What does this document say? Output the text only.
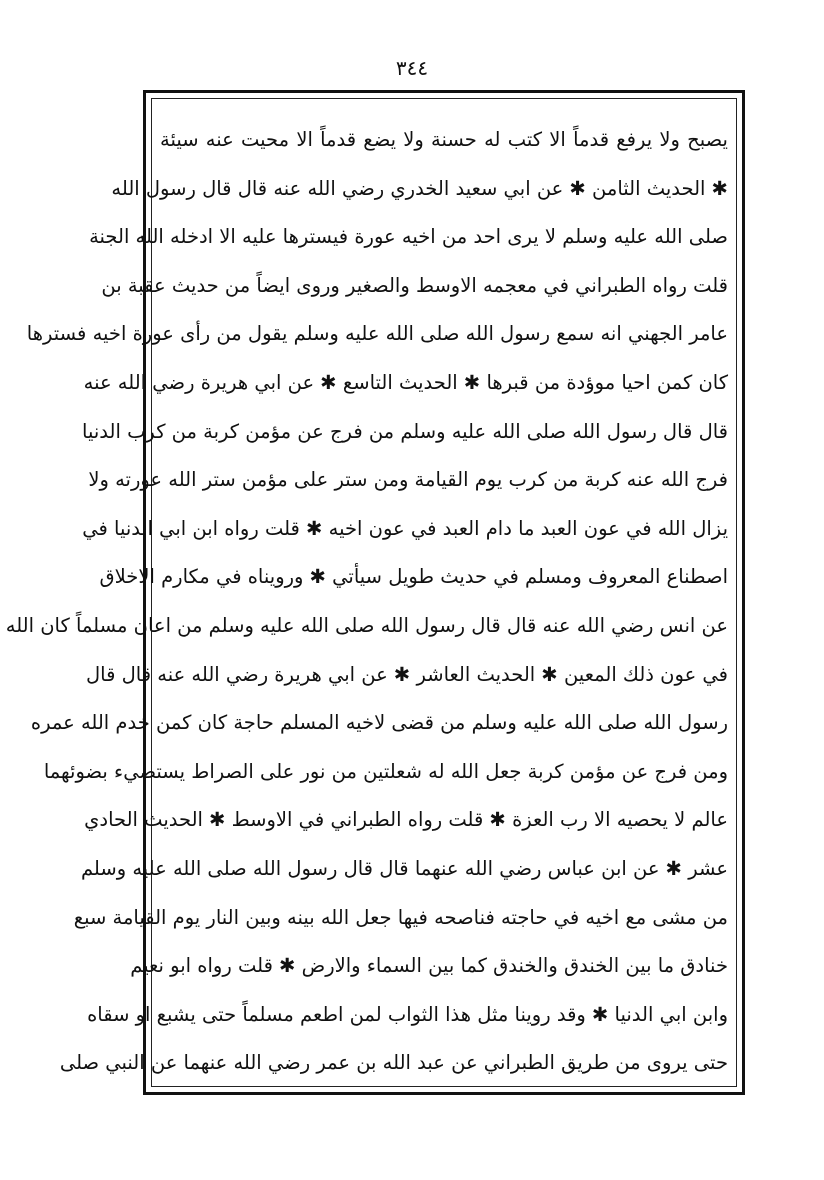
٣٤٤
يصبح ولا يرفع قدماً الا كتب له حسنة ولا يضع قدماً الا محيت عنه سيئة
✱ الحديث الثامن ✱ عن ابي سعيد الخدري رضي الله عنه قال قال رسول الله
صلى الله عليه وسلم لا يرى احد من اخيه عورة فيسترها عليه الا ادخله الله الجنة
قلت رواه الطبراني في معجمه الاوسط والصغير وروى ايضاً من حديث عقبة بن
عامر الجهني انه سمع رسول الله صلى الله عليه وسلم يقول من رأى عورة اخيه فسترها
كان كمن احيا موؤدة من قبرها ✱ الحديث التاسع ✱ عن ابي هريرة رضي الله عنه
قال قال رسول الله صلى الله عليه وسلم من فرج عن مؤمن كربة من كرب الدنيا
فرج الله عنه كربة من كرب يوم القيامة ومن ستر على مؤمن ستر الله عورته ولا
يزال الله في عون العبد ما دام العبد في عون اخيه ✱ قلت رواه ابن ابي الدنيا في
اصطناع المعروف ومسلم في حديث طويل سيأتي ✱ ورويناه في مكارم الاخلاق
عن انس رضي الله عنه قال قال رسول الله صلى الله عليه وسلم من اعان مسلماً كان الله
في عون ذلك المعين ✱ الحديث العاشر ✱ عن ابي هريرة رضي الله عنه قال قال
رسول الله صلى الله عليه وسلم من قضى لاخيه المسلم حاجة كان كمن خدم الله عمره
ومن فرج عن مؤمن كربة جعل الله له شعلتين من نور على الصراط يستضيء بضوئهما
عالم لا يحصيه الا رب العزة ✱ قلت رواه الطبراني في الاوسط ✱ الحديث الحادي
عشر ✱ عن ابن عباس رضي الله عنهما قال قال رسول الله صلى الله عليه وسلم
من مشى مع اخيه في حاجته فناصحه فيها جعل الله بينه وبين النار يوم القيامة سبع
خنادق ما بين الخندق والخندق كما بين السماء والارض ✱ قلت رواه ابو نعيم
وابن ابي الدنيا ✱ وقد روينا مثل هذا الثواب لمن اطعم مسلماً حتى يشبع او سقاه
حتى يروى من طريق الطبراني عن عبد الله بن عمر رضي الله عنهما عن النبي صلى
